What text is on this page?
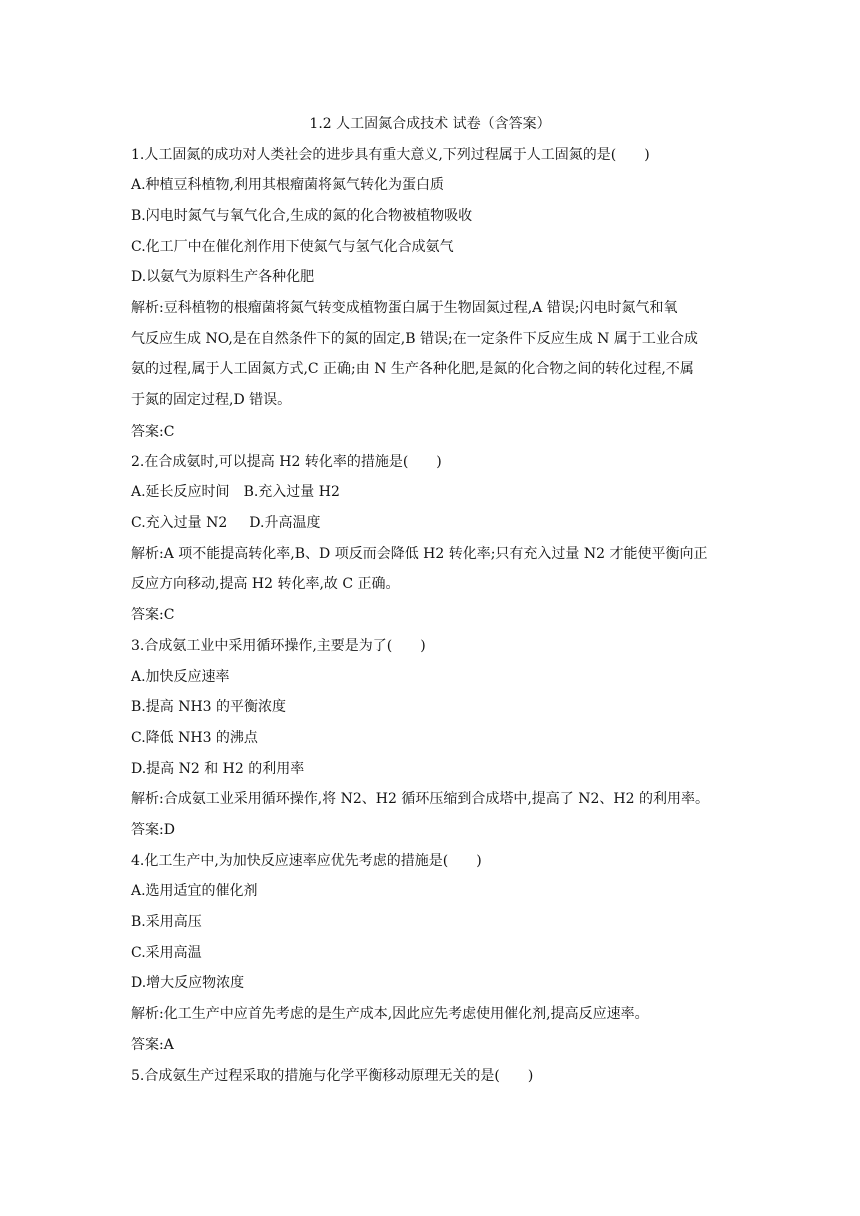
1.2 人工固氮合成技术 试卷（含答案）
1.人工固氮的成功对人类社会的进步具有重大意义,下列过程属于人工固氮的是(　　)
A.种植豆科植物,利用其根瘤菌将氮气转化为蛋白质
B.闪电时氮气与氧气化合,生成的氮的化合物被植物吸收
C.化工厂中在催化剂作用下使氮气与氢气化合成氨气
D.以氨气为原料生产各种化肥
解析:豆科植物的根瘤菌将氮气转变成植物蛋白属于生物固氮过程,A 错误;闪电时氮气和氧
气反应生成 NO,是在自然条件下的氮的固定,B 错误;在一定条件下反应生成 N 属于工业合成
氨的过程,属于人工固氮方式,C 正确;由 N 生产各种化肥,是氮的化合物之间的转化过程,不属
于氮的固定过程,D 错误。
答案:C
2.在合成氨时,可以提高 H2 转化率的措施是(　　)
A.延长反应时间 B.充入过量 H2
C.充入过量 N2 D.升高温度
解析:A 项不能提高转化率,B、D 项反而会降低 H2 转化率;只有充入过量 N2 才能使平衡向正
反应方向移动,提高 H2 转化率,故 C 正确。
答案:C
3.合成氨工业中采用循环操作,主要是为了(　　)
A.加快反应速率
B.提高 NH3 的平衡浓度
C.降低 NH3 的沸点
D.提高 N2 和 H2 的利用率
解析:合成氨工业采用循环操作,将 N2、H2 循环压缩到合成塔中,提高了 N2、H2 的利用率。
答案:D
4.化工生产中,为加快反应速率应优先考虑的措施是(　　)
A.选用适宜的催化剂
B.采用高压
C.采用高温
D.增大反应物浓度
解析:化工生产中应首先考虑的是生产成本,因此应先考虑使用催化剂,提高反应速率。
答案:A
5.合成氨生产过程采取的措施与化学平衡移动原理无关的是(　　)
